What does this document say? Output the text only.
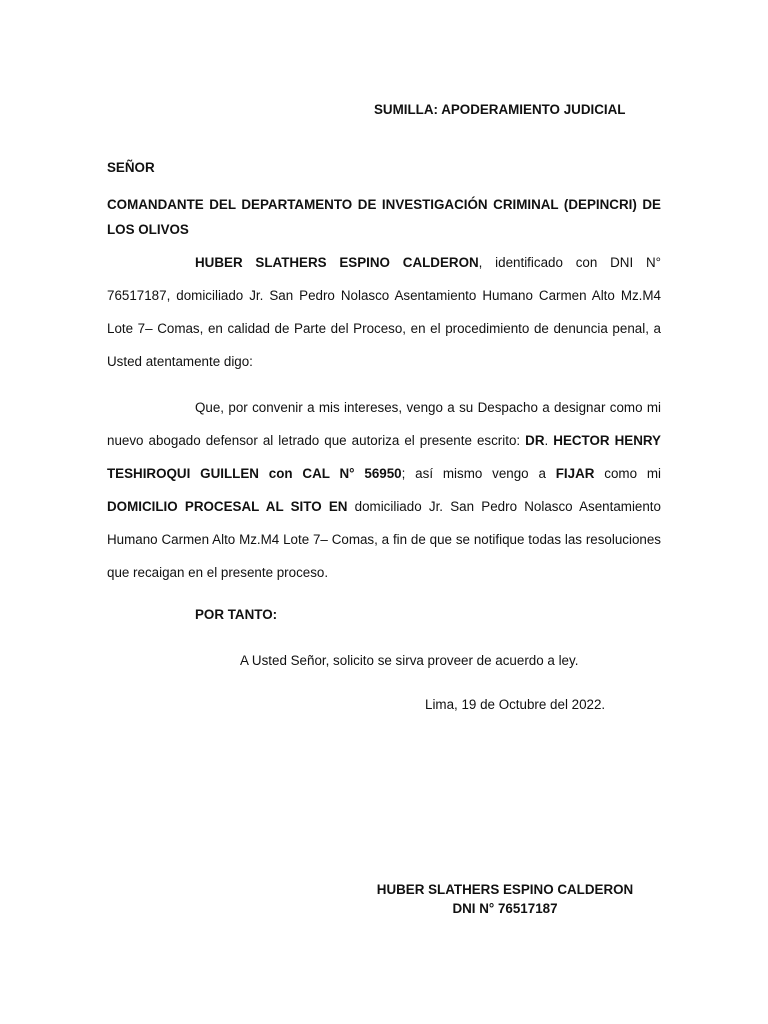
SUMILLA: APODERAMIENTO JUDICIAL
SEÑOR
COMANDANTE DEL DEPARTAMENTO DE INVESTIGACIÓN CRIMINAL (DEPINCRI) DE LOS OLIVOS
HUBER SLATHERS ESPINO CALDERON, identificado con DNI N° 76517187, domiciliado Jr. San Pedro Nolasco Asentamiento Humano Carmen Alto Mz.M4 Lote 7– Comas, en calidad de Parte del Proceso, en el procedimiento de denuncia penal, a Usted atentamente digo:
Que, por convenir a mis intereses, vengo a su Despacho a designar como mi nuevo abogado defensor al letrado que autoriza el presente escrito: DR. HECTOR HENRY TESHIROQUI GUILLEN con CAL N° 56950; así mismo vengo a FIJAR como mi DOMICILIO PROCESAL AL SITO EN domiciliado Jr. San Pedro Nolasco Asentamiento Humano Carmen Alto Mz.M4 Lote 7– Comas, a fin de que se notifique todas las resoluciones que recaigan en el presente proceso.
POR TANTO:
A Usted Señor, solicito se sirva proveer de acuerdo a ley.
Lima, 19 de Octubre del 2022.
HUBER SLATHERS ESPINO CALDERON
DNI N° 76517187
